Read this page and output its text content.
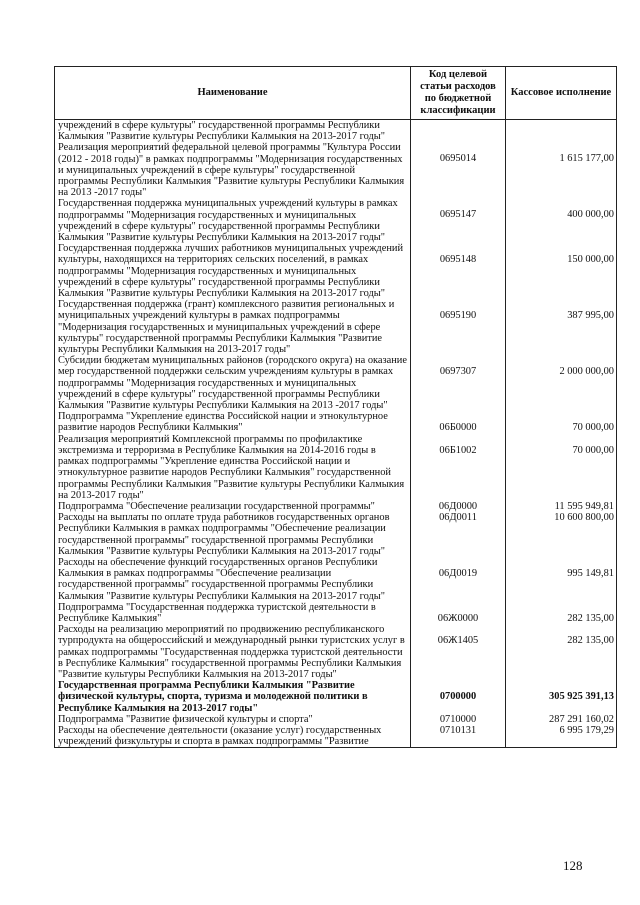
Наименование	Код целевой статьи расходов по бюджетной классификации	Кассовое исполнение
учреждений в сфере культуры" государственной программы Республики Калмыкия "Развитие культуры Республики Калмыкия на 2013-2017 годы"		
Реализация мероприятий федеральной целевой программы "Культура России (2012 - 2018 годы)" в рамках подпрограммы "Модернизация государственных и муниципальных учреждений в сфере культуры" государственной программы Республики Калмыкия "Развитие культуры Республики Калмыкия на 2013 -2017 годы"	0695014	1 615 177,00
Государственная поддержка муниципальных учреждений культуры в рамках подпрограммы "Модернизация государственных и муниципальных учреждений в сфере культуры" государственной программы Республики Калмыкия "Развитие культуры Республики Калмыкия на 2013-2017 годы"	0695147	400 000,00
Государственная поддержка лучших работников муниципальных учреждений культуры, находящихся на территориях сельских поселений, в рамках подпрограммы "Модернизация государственных и муниципальных учреждений в сфере культуры" государственной программы Республики Калмыкия "Развитие культуры Республики Калмыкия на 2013-2017 годы"	0695148	150 000,00
Государственная поддержка (грант) комплексного развития региональных и муниципальных учреждений культуры в рамках подпрограммы "Модернизация государственных и муниципальных учреждений в сфере культуры" государственной программы Республики Калмыкия "Развитие культуры Республики Калмыкия на 2013-2017 годы"	0695190	387 995,00
Субсидии бюджетам муниципальных районов (городского округа) на оказание мер государственной поддержки сельским учреждениям культуры в рамках подпрограммы "Модернизация государственных и муниципальных учреждений в сфере культуры" государственной программы Республики Калмыкия "Развитие культуры Республики Калмыкия на 2013 -2017 годы"	0697307	2 000 000,00
Подпрограмма "Укрепление единства Российской нации и этнокультурное развитие народов Республики Калмыкия"	06Б0000	70 000,00
Реализация мероприятий Комплексной программы по профилактике экстремизма и терроризма в Республике Калмыкия на 2014-2016 годы в рамках подпрограммы "Укрепление единства Российской нации и этнокультурное развитие народов Республики Калмыкия" государственной программы Республики Калмыкия "Развитие культуры Республики Калмыкия на 2013-2017 годы"	06Б1002	70 000,00
Подпрограмма "Обеспечение реализации государственной программы"	06Д0000	11 595 949,81
Расходы на выплаты по оплате труда работников государственных органов Республики Калмыкия в рамках подпрограммы "Обеспечение реализации государственной программы" государственной программы Республики Калмыкия "Развитие культуры Республики Калмыкия на 2013-2017 годы"	06Д0011	10 600 800,00
Расходы на обеспечение функций государственных органов Республики Калмыкия в рамках подпрограммы "Обеспечение реализации государственной программы" государственной программы Республики Калмыкия "Развитие культуры Республики Калмыкия на 2013-2017 годы"	06Д0019	995 149,81
Подпрограмма "Государственная поддержка туристской деятельности в Республике Калмыкия"	06Ж0000	282 135,00
Расходы на реализацию мероприятий по продвижению республиканского турпродукта на общероссийский и международный рынки туристских услуг в рамках подпрограммы "Государственная поддержка туристской деятельности в Республике Калмыкия" государственной программы Республики Калмыкия "Развитие культуры Республики Калмыкия на 2013-2017 годы"	06Ж1405	282 135,00
Государственная программа Республики Калмыкия "Развитие физической культуры, спорта, туризма и молодежной политики в Республике Калмыкия на 2013-2017 годы"	0700000	305 925 391,13
Подпрограмма "Развитие физической культуры и спорта"	0710000	287 291 160,02
Расходы на обеспечение деятельности (оказание услуг) государственных учреждений физкультуры и спорта в рамках подпрограммы "Развитие	0710131	6 995 179,29
128
